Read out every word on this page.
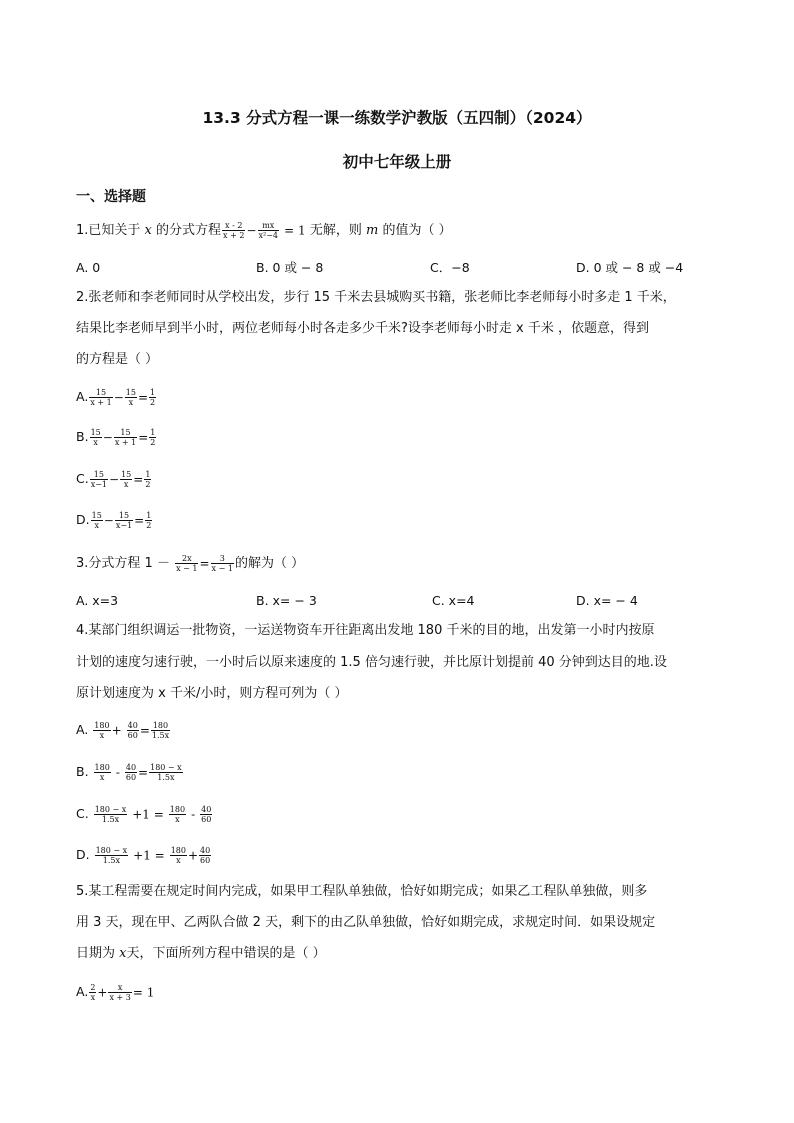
13.3 分式方程一课一练数学沪教版（五四制）（2024）
初中七年级上册
一、选择题
1.已知关于 x 的分式方程 $\frac{x - 2}{x + 2} - \frac{mx}{\text{x²−4}} = 1$ 无解，则 m 的值为（ ）
A. 0	B. 0 或 − 8	C．−8	D. 0 或 − 8 或 −4
2.张老师和李老师同时从学校出发，步行 15 千米去县城购买书籍，张老师比李老师每小时多走 1 千米，
结果比李老师早到半小时，两位老师每小时各走多少千米?设李老师每小时走 x 千米 ，依题意，得到
的方程是（ ）
A. $\frac{15}{x + 1} - \frac{15}{x} = \frac{1}{2}$
B. $\frac{15}{x} - \frac{15}{x + 1} = \frac{1}{2}$
C. $\frac{15}{x-1} - \frac{15}{x} = \frac{1}{2}$
D. $\frac{15}{x} - \frac{15}{x-1} = \frac{1}{2}$
3.分式方程 $1 - \frac{2x}{x - 1} = \frac{3}{x - 1}$ 的解为（ ）
A. x=3	B. x= − 3	C. x=4	D. x= − 4
4.某部门组织调运一批物资，一运送物资车开往距离出发地 180 千米的目的地，出发第一小时内按原
计划的速度匀速行驶，一小时后以原来速度的 1.5 倍匀速行驶，并比原计划提前 40 分钟到达目的地.设
原计划速度为 x 千米/小时，则方程可列为（ ）
A. $\frac{180}{x} + \frac{40}{60} = \frac{180}{1.5x}$
B. $\frac{180}{x} - \frac{40}{60} = \frac{180 - x}{1.5x}$
C. $\frac{180 - x}{1.5x} +1 = \frac{180}{x} - \frac{40}{60}$
D. $\frac{180 - x}{1.5x} +1 = \frac{180}{x} + \frac{40}{60}$
5.某工程需要在规定时间内完成，如果甲工程队单独做，恰好如期完成；如果乙工程队单独做，则多
用 3 天，现在甲、乙两队合做 2 天，剩下的由乙队单独做，恰好如期完成，求规定时间．如果设规定
日期为 x天，下面所列方程中错误的是（ ）
A. $\frac{2}{x} + \frac{x}{x + 3} = 1$
